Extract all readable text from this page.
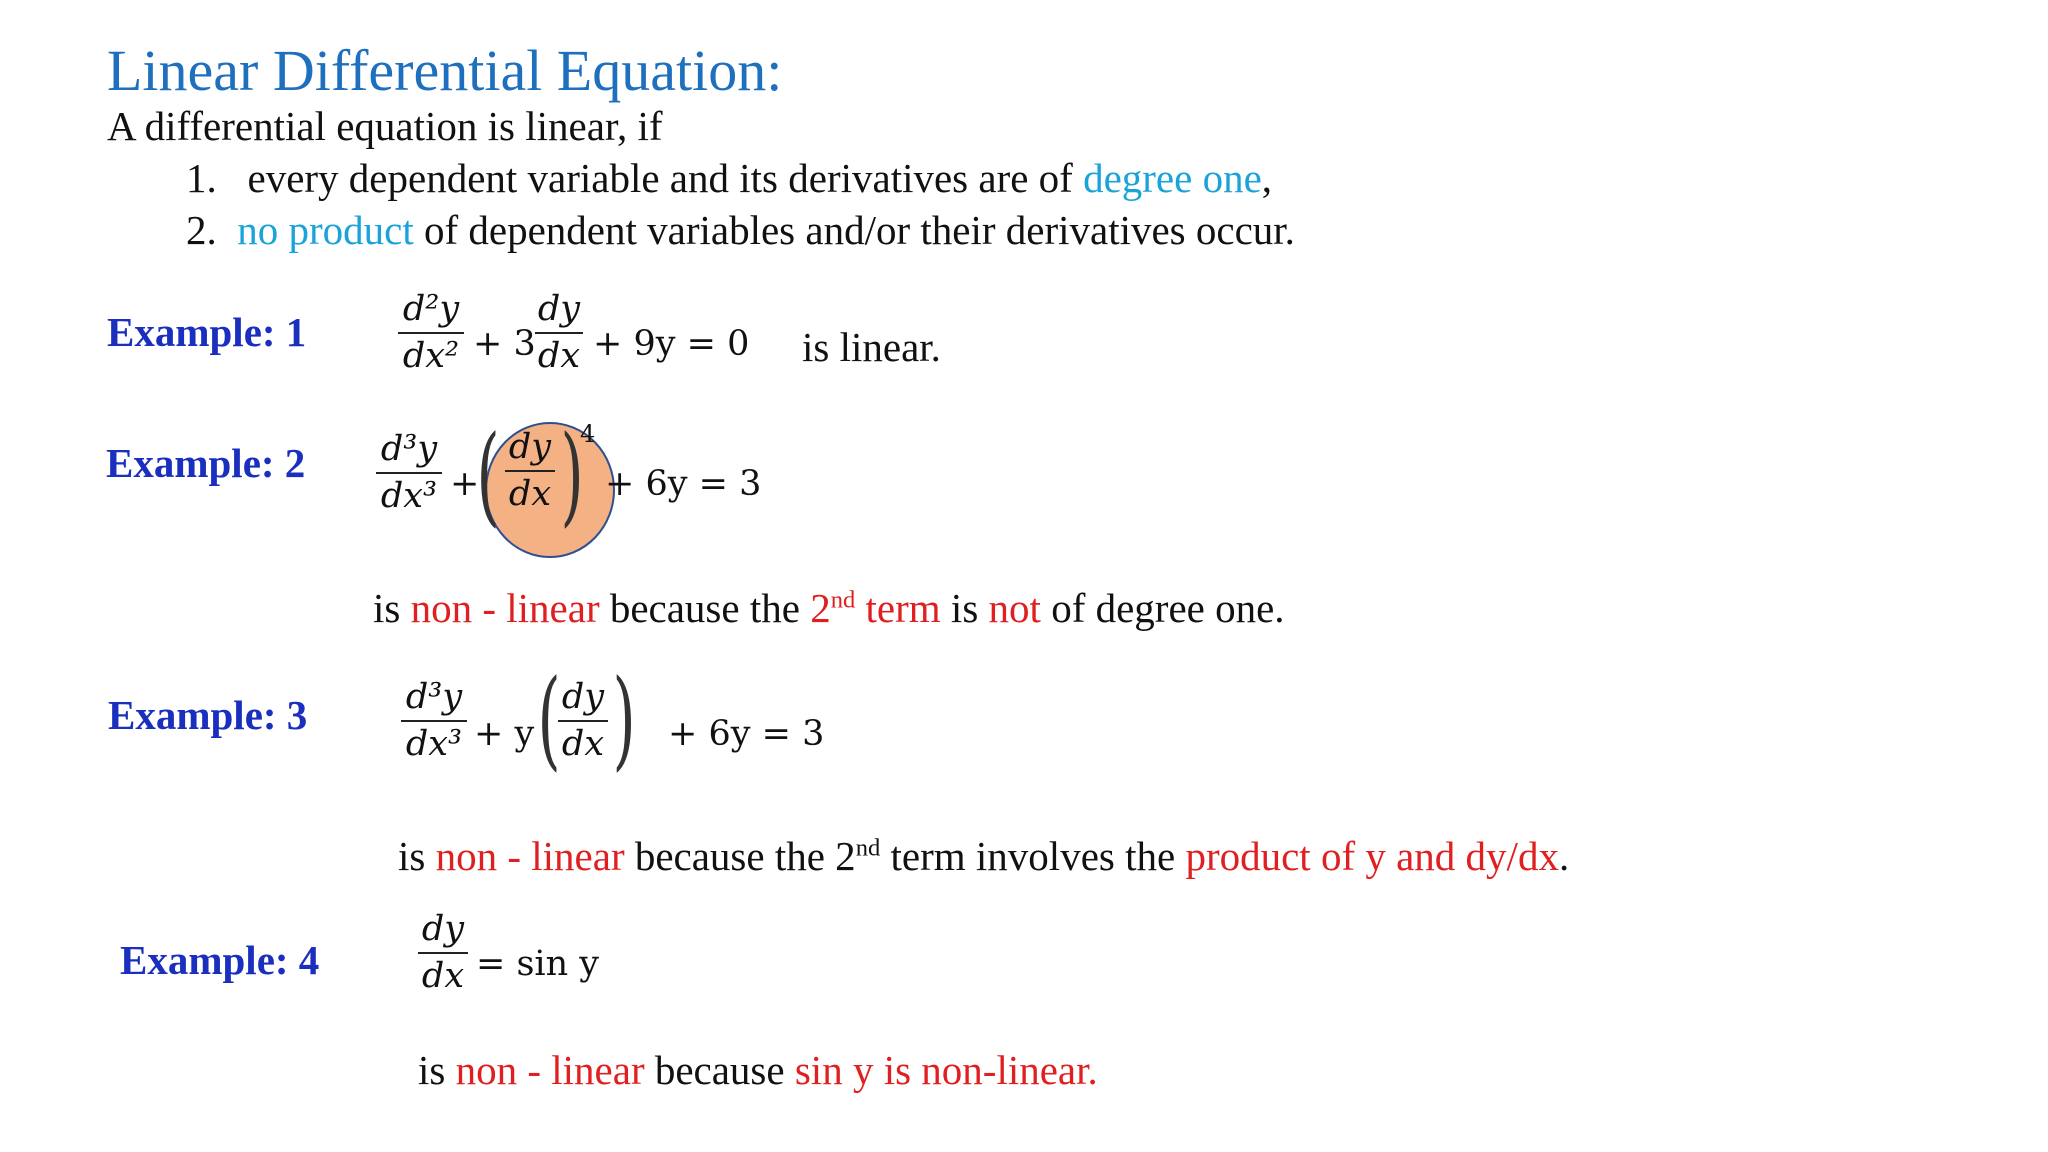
Linear Differential Equation:
A differential equation is linear, if
1. every dependent variable and its derivatives are of degree one,
2. no product of dependent variables and/or their derivatives occur.
Example: 1	d²y
dx² + 3
dy
dx + 9y = 0 is linear.
Example: 2 d³y
dx³ +
( dy
dx )
4
+ 6y = 3
is non - linear because the 2nd term is not of degree one.
Example: 3	d³y
dx³ + y ( dy
dx ) + 6y = 3
is non - linear because the 2nd term involves the product of y and dy/dx.
Example: 4
dy
dx = sin y
is non - linear because sin y is non-linear.
